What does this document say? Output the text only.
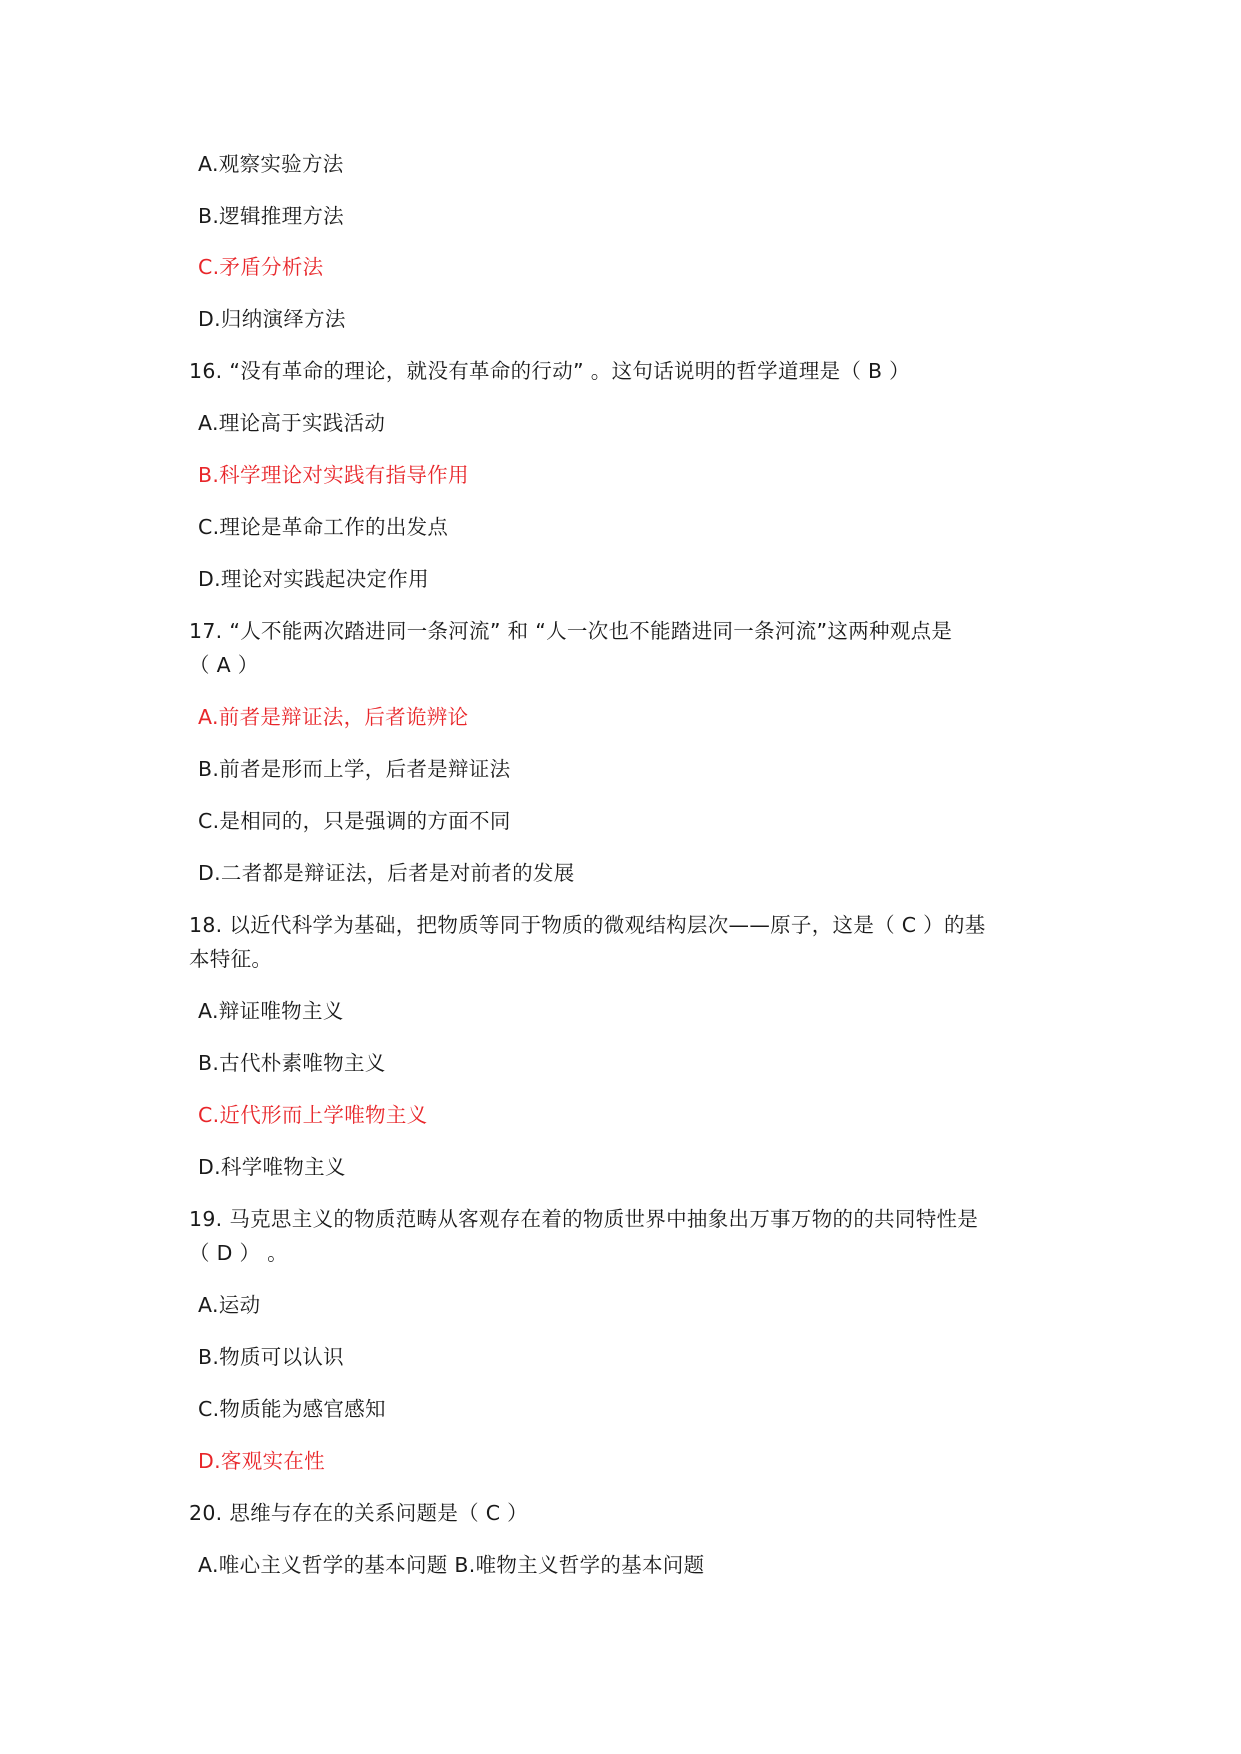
A.观察实验方法
B.逻辑推理方法
C.矛盾分析法
D.归纳演绎方法
16. “没有革命的理论，就没有革命的行动” 。这句话说明的哲学道理是（ B ）
A.理论高于实践活动
B.科学理论对实践有指导作用
C.理论是革命工作的出发点
D.理论对实践起决定作用
17. “人不能两次踏进同一条河流” 和 “人一次也不能踏进同一条河流”这两种观点是
（ A ）
A.前者是辩证法，后者诡辨论
B.前者是形而上学，后者是辩证法
C.是相同的，只是强调的方面不同
D.二者都是辩证法，后者是对前者的发展
18. 以近代科学为基础，把物质等同于物质的微观结构层次——原子，这是（ C ）的基
本特征。
A.辩证唯物主义
B.古代朴素唯物主义
C.近代形而上学唯物主义
D.科学唯物主义
19. 马克思主义的物质范畴从客观存在着的物质世界中抽象出万事万物的的共同特性是
（ D ） 。
A.运动
B.物质可以认识
C.物质能为感官感知
D.客观实在性
20. 思维与存在的关系问题是（ C ）
A.唯心主义哲学的基本问题 B.唯物主义哲学的基本问题
